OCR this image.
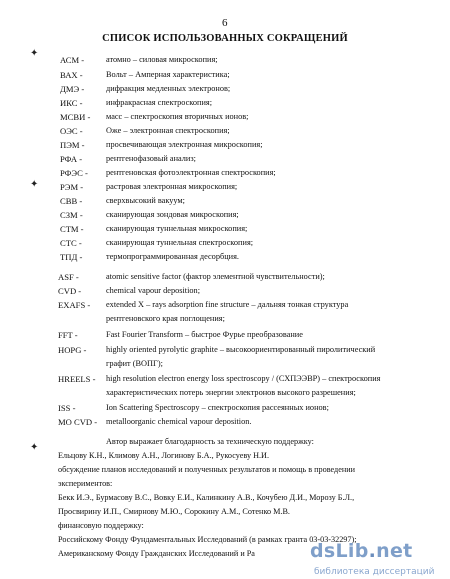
6
СПИСОК ИСПОЛЬЗОВАННЫХ СОКРАЩЕНИЙ
✦
✦
✦
АСМ -	атомно – силовая микроскопия;
ВАХ -	Вольт – Амперная характеристика;
ДМЭ -	дифракция медленных электронов;
ИКС -	инфракрасная спектроскопия;
МСВИ - масс – спектроскопия вторичных ионов;
ОЭС -	Оже – электронная спектроскопия;
ПЭМ -	просвечивающая электронная микроскопия;
РФА -	рентгенофазовый анализ;
РФЭС - рентгеновская фотоэлектронная спектроскопия;
РЭМ -	растровая электронная микроскопия;
СВВ -	сверхвысокий вакуум;
СЗМ -	сканирующая зондовая микроскопия;
СТМ -	сканирующая туннельная микроскопия;
СТС -	сканирующая туннельная спектроскопия;
ТПД -	термопрограммированная десорбция.
ASF -	atomic sensitive factor (фактор элементной чувствительности);
CVD -	chemical vapour deposition;
EXAFS - extended X – rays adsorption fine structure – дальняя тонкая структура
рентгеновского края поглощения;
FFT -	Fast Fourier Transform – быстрое Фурье преобразование
HOPG - highly oriented pyrolytic graphite – высокоориентированный пиролитический
графит (ВОПГ);
HREELS - high resolution electron energy loss spectroscopy / (СХПЭЭВР) – спектроскопия
характеристических потерь энергии электронов высокого разрешения;
ISS -	Ion Scattering Spectroscopy – спектроскопия рассеянных ионов;
MO CVD - metalloorganic chemical vapour deposition.
Автор выражает благодарность за техническую поддержку:
Ельцову К.Н., Климову А.Н., Логинову Б.А., Рукосуеву Н.И.
обсуждение планов исследований и полученных результатов и помощь в проведении
экспериментов:
Бекк И.Э., Бурмасову В.С., Вовку Е.И., Калинкину А.В., Кочубею Д.И., Морозу Б.Л.,
Просвирину И.П., Смирнову М.Ю., Сорокину А.М., Сотенко М.В.
финансовую поддержку:
Российскому Фонду Фундаментальных Исследований (в рамках гранта 03-03-32297);
Американскому Фонду Гражданских Исследований и Ра	dsLib.net
библиотека диссертаций
